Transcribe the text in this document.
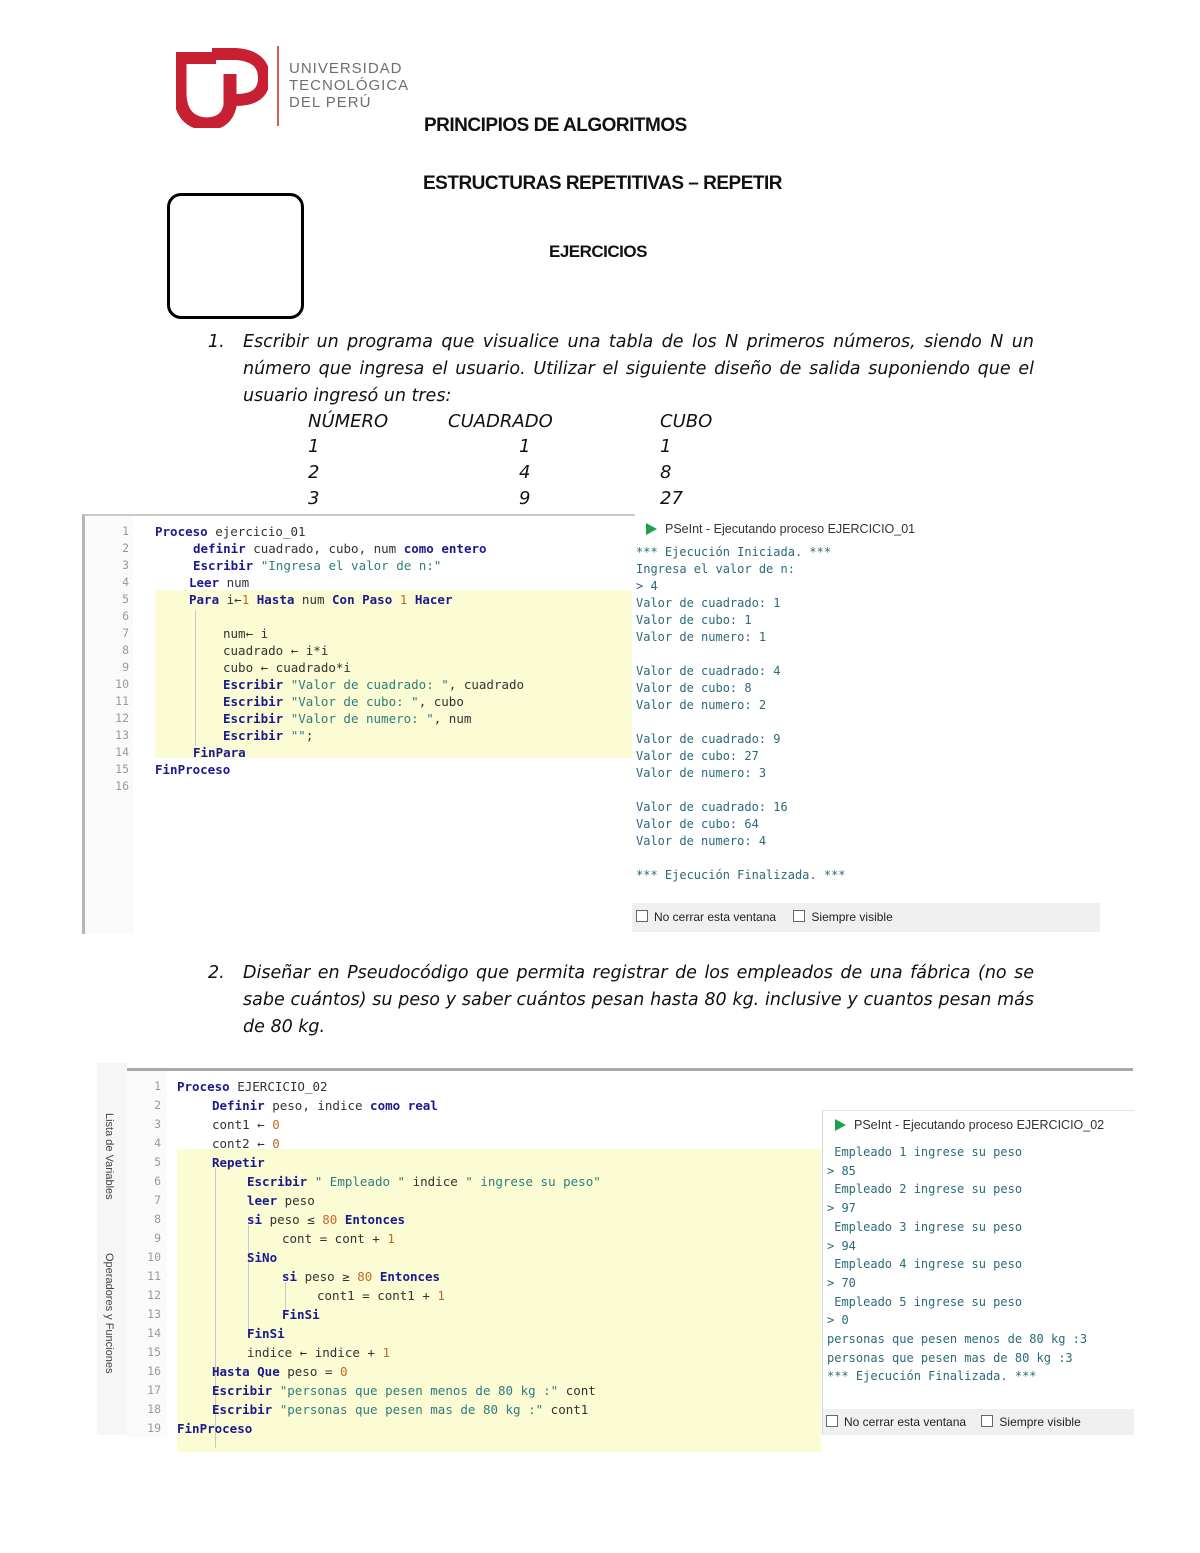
UNIVERSIDAD
TECNOLÓGICA
DEL PERÚ
PRINCIPIOS DE ALGORITMOS
ESTRUCTURAS REPETITIVAS – REPETIR
EJERCICIOS
1. Escribir un programa que visualice una tabla de los N primeros números, siendo N un número que ingresa el usuario. Utilizar el siguiente diseño de salida suponiendo que el usuario ingresó un tres:
NÚMERO	CUADRADO	CUBO
1	1	1
2	4	8
3	9	27
1 Proceso ejercicio_01
2	definir cuadrado, cubo, num como entero
3	Escribir "Ingresa el valor de n:"
4	Leer num
5	Para i←1 Hasta num Con Paso 1 Hacer
6
7	num← i
8	cuadrado ← i*i
9	cubo ← cuadrado*i
10	Escribir "Valor de cuadrado: ", cuadrado
11	Escribir "Valor de cubo: ", cubo
12	Escribir "Valor de numero: ", num
13	Escribir "";
14	FinPara
15 FinProceso
16
PSeInt - Ejecutando proceso EJERCICIO_01
*** Ejecución Iniciada. ***
Ingresa el valor de n:
> 4
Valor de cuadrado: 1
Valor de cubo: 1
Valor de numero: 1
Valor de cuadrado: 4
Valor de cubo: 8
Valor de numero: 2
Valor de cuadrado: 9
Valor de cubo: 27
Valor de numero: 3
Valor de cuadrado: 16
Valor de cubo: 64
Valor de numero: 4
*** Ejecución Finalizada. ***
No cerrar esta ventana	Siempre visible
2. Diseñar en Pseudocódigo que permita registrar de los empleados de una fábrica (no se sabe cuántos) su peso y saber cuántos pesan hasta 80 kg. inclusive y cuantos pesan más de 80 kg.
Lista de Variables
Operadores y Funciones
1 Proceso EJERCICIO_02
2	Definir peso, indice como real
3	cont1 ← 0
4	cont2 ← 0
5	Repetir
6	Escribir " Empleado " indice " ingrese su peso"
7	leer peso
8	si peso ≤ 80 Entonces
9	cont = cont + 1
10	SiNo
11	si peso ≥ 80 Entonces
12	cont1 = cont1 + 1
13	FinSi
14	FinSi
15	indice ← indice + 1
16	Hasta Que peso = 0
17	Escribir "personas que pesen menos de 80 kg :" cont
18	Escribir "personas que pesen mas de 80 kg :" cont1
19 FinProceso
PSeInt - Ejecutando proceso EJERCICIO_02
Empleado 1 ingrese su peso
> 85
Empleado 2 ingrese su peso
> 97
Empleado 3 ingrese su peso
> 94
Empleado 4 ingrese su peso
> 70
Empleado 5 ingrese su peso
> 0
personas que pesen menos de 80 kg :3
personas que pesen mas de 80 kg :3
*** Ejecución Finalizada. ***
No cerrar esta ventana	Siempre visible
